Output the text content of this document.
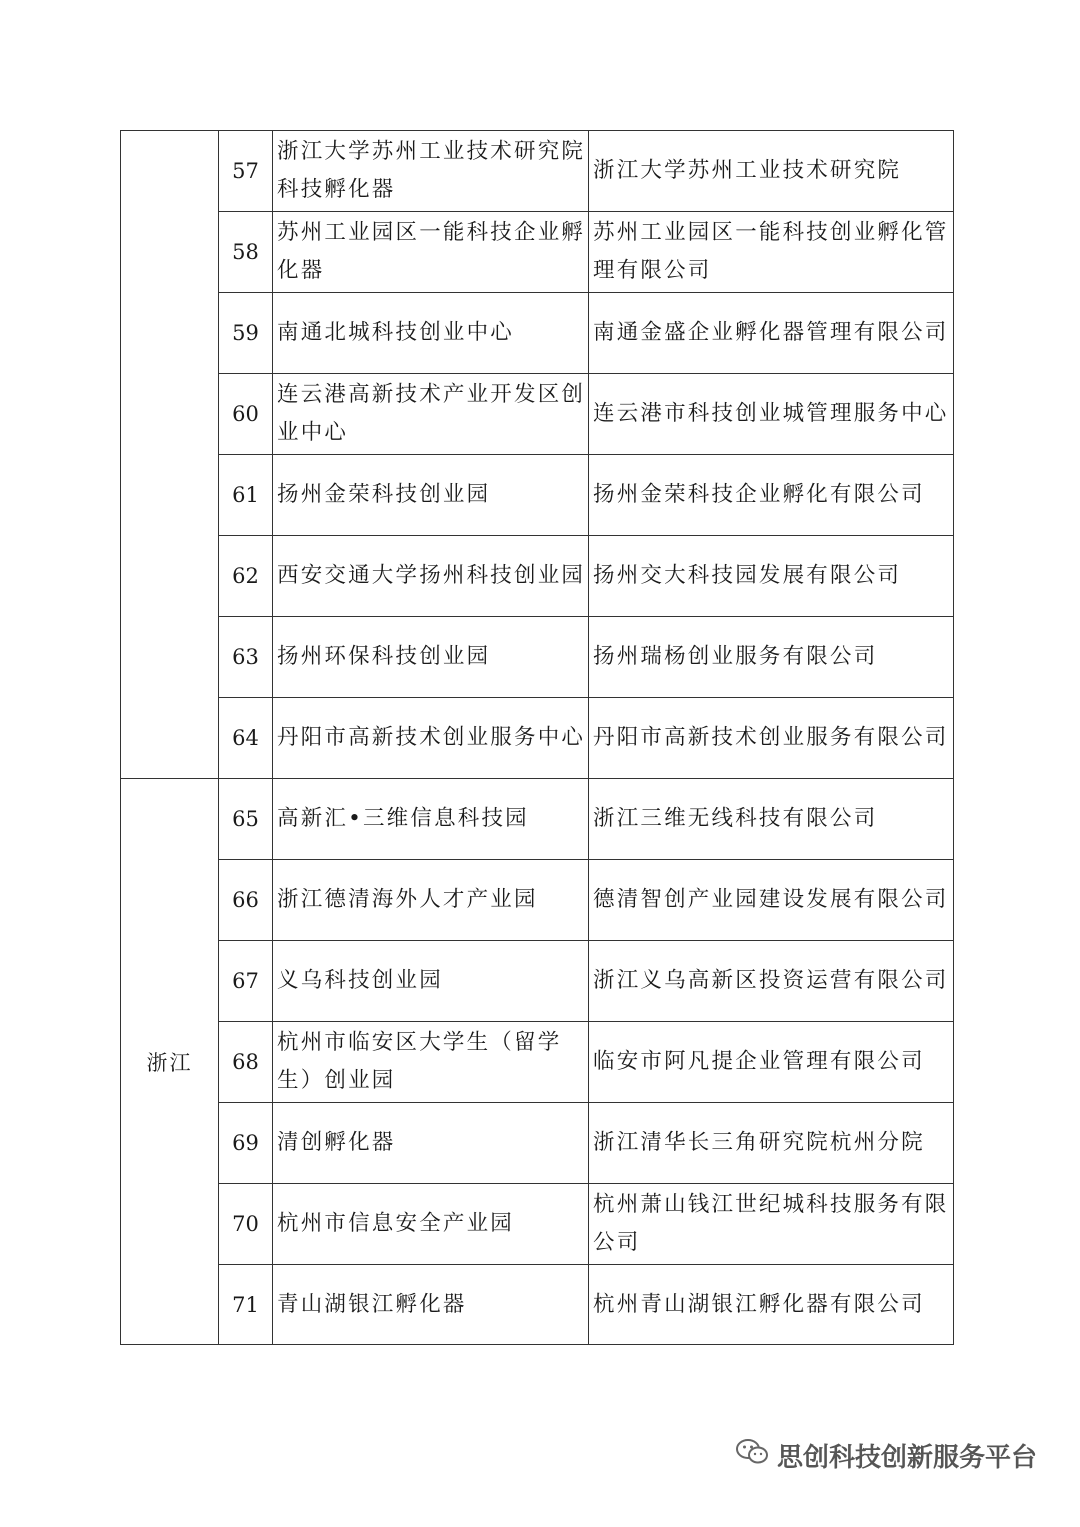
	57	浙江大学苏州工业技术研究院科技孵化器	浙江大学苏州工业技术研究院
	58	苏州工业园区一能科技企业孵化器	苏州工业园区一能科技创业孵化管理有限公司
	59	南通北城科技创业中心	南通金盛企业孵化器管理有限公司
	60	连云港高新技术产业开发区创业中心	连云港市科技创业城管理服务中心
	61	扬州金荣科技创业园	扬州金荣科技企业孵化有限公司
	62	西安交通大学扬州科技创业园	扬州交大科技园发展有限公司
	63	扬州环保科技创业园	扬州瑞杨创业服务有限公司
	64	丹阳市高新技术创业服务中心	丹阳市高新技术创业服务有限公司
浙江	65	高新汇•三维信息科技园	浙江三维无线科技有限公司
	66	浙江德清海外人才产业园	德清智创产业园建设发展有限公司
	67	义乌科技创业园	浙江义乌高新区投资运营有限公司
	68	杭州市临安区大学生（留学生）创业园	临安市阿凡提企业管理有限公司
	69	清创孵化器	浙江清华长三角研究院杭州分院
	70	杭州市信息安全产业园	杭州萧山钱江世纪城科技服务有限公司
	71	青山湖银江孵化器	杭州青山湖银江孵化器有限公司
思创科技创新服务平台
